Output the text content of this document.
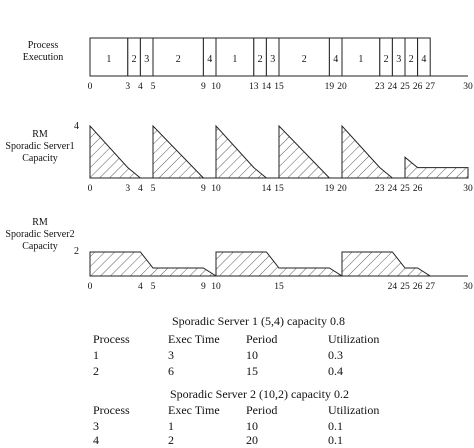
Process
Execution
RM
Sporadic Server1
Capacity
4
RM
Sporadic Server2
Capacity 2
1 2 3	2	4 1 2 3	2	4 1 2 3 2 4
0	3 4 5	9 10	13 14 15	19 20	23 24 25 26 27	30
0	3 4 5	9 10	14 15	19 20	23 24 25 26	30
0	4 5	9 10	15	24 25 26 27	30
Sporadic Server 1 (5,4) capacity 0.8
Process	Exec Time Period	Utilization
1	3	10	0.3
2	6	15	0.4
Sporadic Server 2 (10,2) capacity 0.2
Process	Exec Time Period	Utilization
3	1	10	0.1
4	2	20	0.1
